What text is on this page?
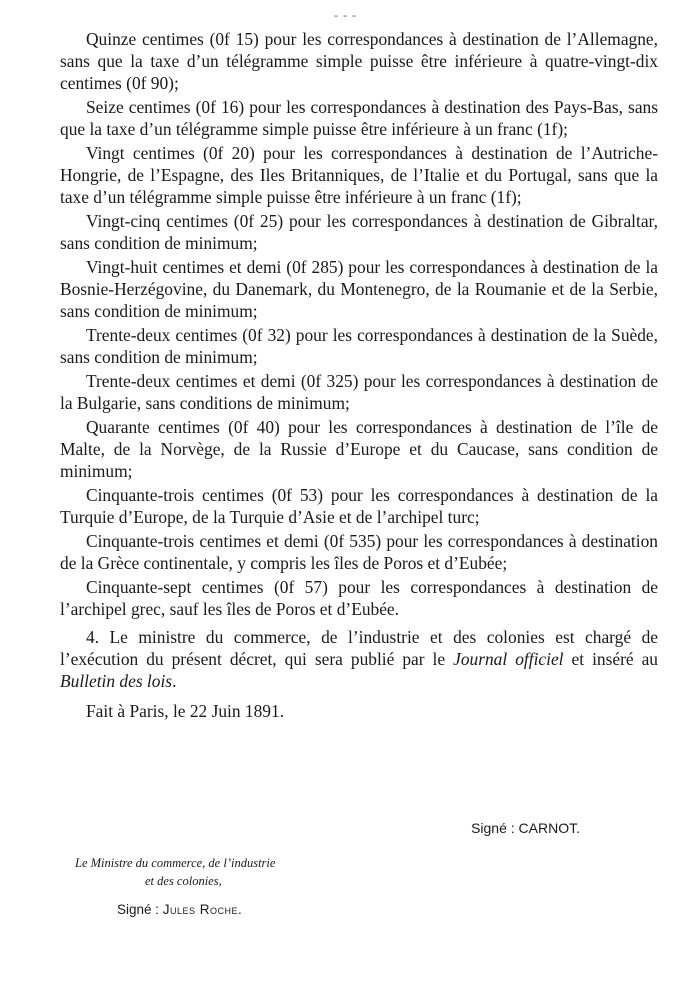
- - -

Quinze centimes (0f 15) pour les correspondances à destination de l’Allemagne, sans que la taxe d’un télégramme simple puisse être inférieure à quatre-vingt-dix centimes (0f 90);

Seize centimes (0f 16) pour les correspondances à destination des Pays-Bas, sans que la taxe d’un télégramme simple puisse être inférieure à un franc (1f);

Vingt centimes (0f 20) pour les correspondances à destination de l’Autriche-Hongrie, de l’Espagne, des Iles Britanniques, de l’Italie et du Portugal, sans que la taxe d’un télégramme simple puisse être inférieure à un franc (1f);

Vingt-cinq centimes (0f 25) pour les correspondances à destination de Gibraltar, sans condition de minimum;

Vingt-huit centimes et demi (0f 285) pour les correspondances à destination de la Bosnie-Herzégovine, du Danemark, du Montenegro, de la Roumanie et de la Serbie, sans condition de minimum;

Trente-deux centimes (0f 32) pour les correspondances à destination de la Suède, sans condition de minimum;

Trente-deux centimes et demi (0f 325) pour les correspondances à destination de la Bulgarie, sans conditions de minimum;

Quarante centimes (0f 40) pour les correspondances à destination de l’île de Malte, de la Norvège, de la Russie d’Europe et du Caucase, sans condition de minimum;

Cinquante-trois centimes (0f 53) pour les correspondances à destination de la Turquie d’Europe, de la Turquie d’Asie et de l’archipel turc;

Cinquante-trois centimes et demi (0f 535) pour les correspondances à destination de la Grèce continentale, y compris les îles de Poros et d’Eubée;

Cinquante-sept centimes (0f 57) pour les correspondances à destination de l’archipel grec, sauf les îles de Poros et d’Eubée.

4. Le ministre du commerce, de l’industrie et des colonies est chargé de l’exécution du présent décret, qui sera publié par le Journal officiel et inséré au Bulletin des lois.

Fait à Paris, le 22 Juin 1891.

Signé : CARNOT.
Le Ministre du commerce, de l’industrie
et des colonies,
Signé : Jules Roche.
